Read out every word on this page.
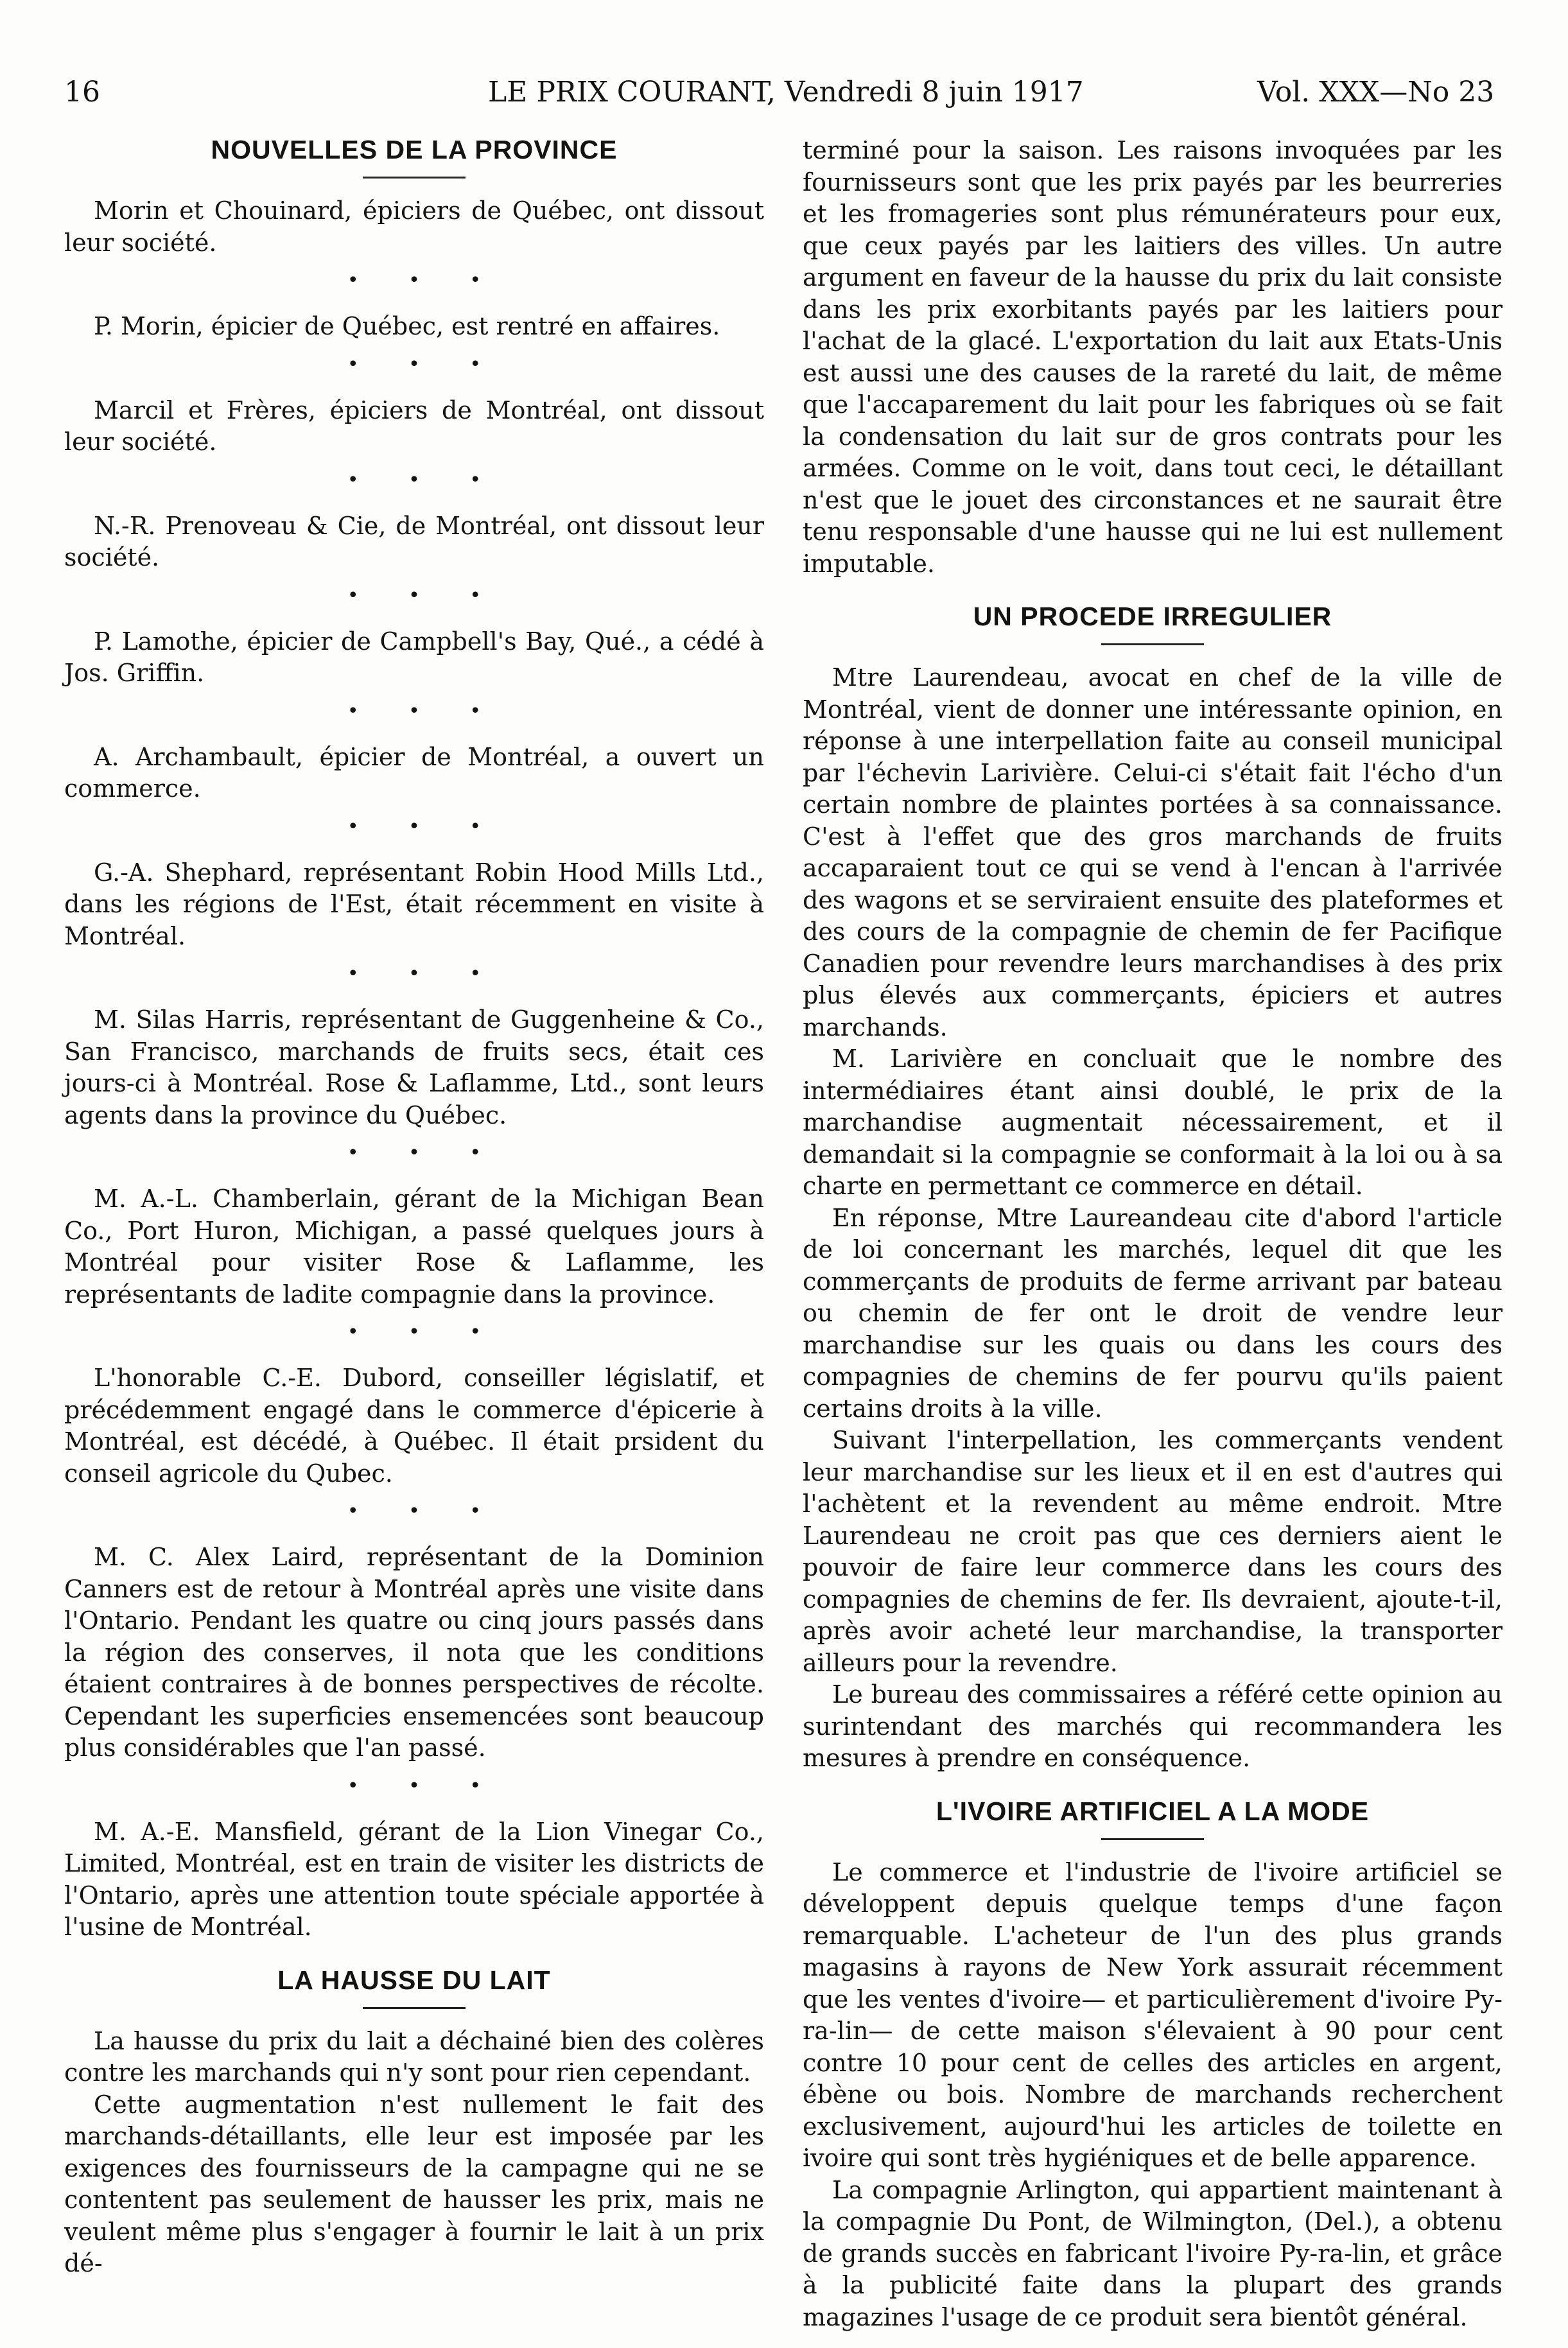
16	LE PRIX COURANT, Vendredi 8 juin 1917	Vol. XXX—No 23
NOUVELLES DE LA PROVINCE

Morin et Chouinard, épiciers de Québec, ont dissout leur société.

• • •

P. Morin, épicier de Québec, est rentré en affaires.

• • •

Marcil et Frères, épiciers de Montréal, ont dissout leur société.

• • •

N.-R. Prenoveau & Cie, de Montréal, ont dissout leur société.

• • •

P. Lamothe, épicier de Campbell's Bay, Qué., a cédé à Jos. Griffin.

• • •

A. Archambault, épicier de Montréal, a ouvert un commerce.

• • •

G.-A. Shephard, représentant Robin Hood Mills Ltd., dans les régions de l'Est, était récemment en visite à Montréal.

• • •

M. Silas Harris, représentant de Guggenheine & Co., San Francisco, marchands de fruits secs, était ces jours-ci à Montréal. Rose & Laflamme, Ltd., sont leurs agents dans la province du Québec.

• • •

M. A.-L. Chamberlain, gérant de la Michigan Bean Co., Port Huron, Michigan, a passé quelques jours à Montréal pour visiter Rose & Laflamme, les représentants de ladite compagnie dans la province.

• • •

L'honorable C.-E. Dubord, conseiller législatif, et précédemment engagé dans le commerce d'épicerie à Montréal, est décédé, à Québec. Il était prsident du conseil agricole du Qubec.

• • •

M. C. Alex Laird, représentant de la Dominion Canners est de retour à Montréal après une visite dans l'Ontario. Pendant les quatre ou cinq jours passés dans la région des conserves, il nota que les conditions étaient contraires à de bonnes perspectives de récolte. Cependant les superficies ensemencées sont beaucoup plus considérables que l'an passé.

• • •

M. A.-E. Mansfield, gérant de la Lion Vinegar Co., Limited, Montréal, est en train de visiter les districts de l'Ontario, après une attention toute spéciale apportée à l'usine de Montréal.

LA HAUSSE DU LAIT

La hausse du prix du lait a déchainé bien des colères contre les marchands qui n'y sont pour rien cependant.

Cette augmentation n'est nullement le fait des marchands-détaillants, elle leur est imposée par les exigences des fournisseurs de la campagne qui ne se contentent pas seulement de hausser les prix, mais ne veulent même plus s'engager à fournir le lait à un prix dé-

terminé pour la saison. Les raisons invoquées par les fournisseurs sont que les prix payés par les beurreries et les fromageries sont plus rémunérateurs pour eux, que ceux payés par les laitiers des villes. Un autre argument en faveur de la hausse du prix du lait consiste dans les prix exorbitants payés par les laitiers pour l'achat de la glacé. L'exportation du lait aux Etats-Unis est aussi une des causes de la rareté du lait, de même que l'accaparement du lait pour les fabriques où se fait la condensation du lait sur de gros contrats pour les armées. Comme on le voit, dans tout ceci, le détaillant n'est que le jouet des circonstances et ne saurait être tenu responsable d'une hausse qui ne lui est nullement imputable.

UN PROCEDE IRREGULIER

Mtre Laurendeau, avocat en chef de la ville de Montréal, vient de donner une intéressante opinion, en réponse à une interpellation faite au conseil municipal par l'échevin Larivière. Celui-ci s'était fait l'écho d'un certain nombre de plaintes portées à sa connaissance. C'est à l'effet que des gros marchands de fruits accaparaient tout ce qui se vend à l'encan à l'arrivée des wagons et se serviraient ensuite des plateformes et des cours de la compagnie de chemin de fer Pacifique Canadien pour revendre leurs marchandises à des prix plus élevés aux commerçants, épiciers et autres marchands.

M. Larivière en concluait que le nombre des intermédiaires étant ainsi doublé, le prix de la marchandise augmentait nécessairement, et il demandait si la compagnie se conformait à la loi ou à sa charte en permettant ce commerce en détail.

En réponse, Mtre Laureandeau cite d'abord l'article de loi concernant les marchés, lequel dit que les commerçants de produits de ferme arrivant par bateau ou chemin de fer ont le droit de vendre leur marchandise sur les quais ou dans les cours des compagnies de chemins de fer pourvu qu'ils paient certains droits à la ville.

Suivant l'interpellation, les commerçants vendent leur marchandise sur les lieux et il en est d'autres qui l'achètent et la revendent au même endroit. Mtre Laurendeau ne croit pas que ces derniers aient le pouvoir de faire leur commerce dans les cours des compagnies de chemins de fer. Ils devraient, ajoute-t-il, après avoir acheté leur marchandise, la transporter ailleurs pour la revendre.

Le bureau des commissaires a référé cette opinion au surintendant des marchés qui recommandera les mesures à prendre en conséquence.

L'IVOIRE ARTIFICIEL A LA MODE

Le commerce et l'industrie de l'ivoire artificiel se développent depuis quelque temps d'une façon remarquable. L'acheteur de l'un des plus grands magasins à rayons de New York assurait récemment que les ventes d'ivoire— et particulièrement d'ivoire Py-ra-lin— de cette maison s'élevaient à 90 pour cent contre 10 pour cent de celles des articles en argent, ébène ou bois. Nombre de marchands recherchent exclusivement, aujourd'hui les articles de toilette en ivoire qui sont très hygiéniques et de belle apparence.

La compagnie Arlington, qui appartient maintenant à la compagnie Du Pont, de Wilmington, (Del.), a obtenu de grands succès en fabricant l'ivoire Py-ra-lin, et grâce à la publicité faite dans la plupart des grands magazines l'usage de ce produit sera bientôt général.
